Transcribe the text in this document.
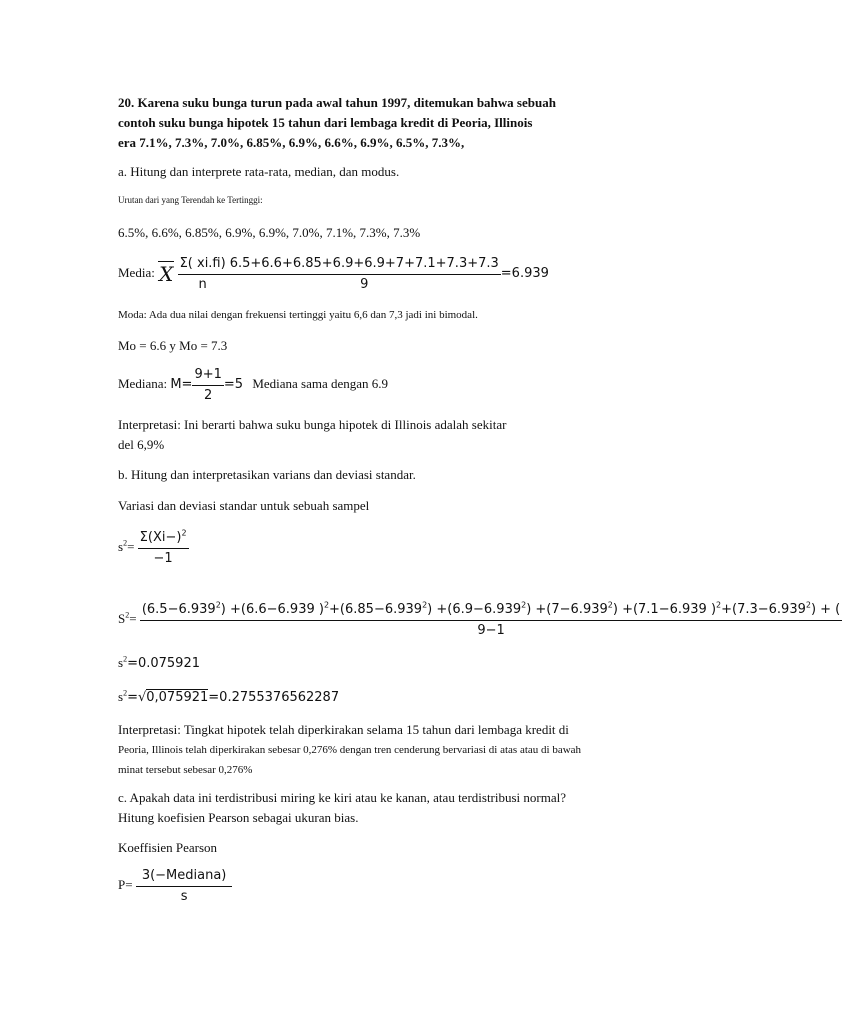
20. Karena suku bunga turun pada awal tahun 1997, ditemukan bahwa sebuah
contoh suku bunga hipotek 15 tahun dari lembaga kredit di Peoria, Illinois
era 7.1%, 7.3%, 7.0%, 6.85%, 6.9%, 6.6%, 6.9%, 6.5%, 7.3%,
a. Hitung dan interprete rata-rata, median, dan modus.
Urutan dari yang Terendah ke Tertinggi:
6.5%, 6.6%, 6.85%, 6.9%, 6.9%, 7.0%, 7.1%, 7.3%, 7.3%
Media: X $\frac{\Sigma( xi.fi)}{n} \frac{6.5+6.6+6.85+6.9+6.9+7+7.1+7.3+7.3}{9} =6.939$
Moda: Ada dua nilai dengan frekuensi tertinggi yaitu 6,6 dan 7,3 jadi ini bimodal.
Mo = 6.6 y Mo = 7.3
Mediana: $M= \frac{9+1}{2} =5$ Mediana sama dengan 6.9
Interpretasi: Ini berarti bahwa suku bunga hipotek di Illinois adalah sekitar
del 6,9%
b. Hitung dan interpretasikan varians dan deviasi standar.
Variasi dan deviasi standar untuk sebuah sampel
$s^2= \frac{\Sigma(Xi-)^2}{-1}$
$S^2=$
$(6.5-6.939^2) +(6.6-6.939$ )$^2+(6.85-6.939^2) +(6.9-6.939^2) +(7-6.939^2) +(7.1-6.939$ )$^2+(7.3-6.939^2)$ + (
9−1
$s^2=0.075921$
$s^2=√0,075921=0.2755376562287$
Interpretasi: Tingkat hipotek telah diperkirakan selama 15 tahun dari lembaga kredit di
Peoria, Illinois telah diperkirakan sebesar 0,276% dengan tren cenderung bervariasi di atas atau di bawah
minat tersebut sebesar 0,276%
c. Apakah data ini terdistribusi miring ke kiri atau ke kanan, atau terdistribusi normal?
Hitung koefisien Pearson sebagai ukuran bias.
Koeffisien Pearson
$P= \frac{\text{3(−Mediana)}}{s}$
